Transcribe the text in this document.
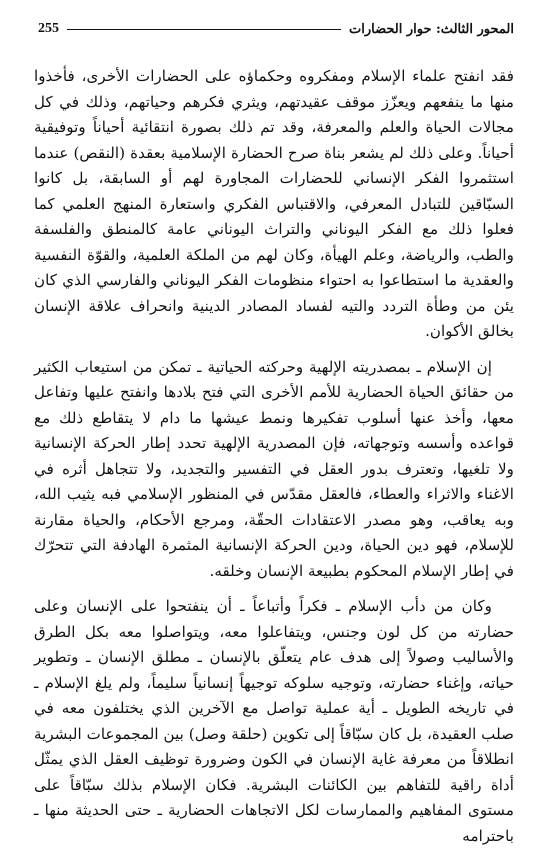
المحور الثالث: حوار الحضارات
255

فقد انفتح علماء الإسلام ومفكروه وحكماؤه على الحضارات الأخرى، فأخذوا منها ما ينفعهم ويعزّز موقف عقيدتهم، ويثري فكرهم وحياتهم، وذلك في كل مجالات الحياة والعلم والمعرفة، وقد تم ذلك بصورة انتقائية أحياناً وتوفيقية أحياناً. وعلى ذلك لم يشعر بناة صرح الحضارة الإسلامية بعقدة (النقص) عندما استثمروا الفكر الإنساني للحضارات المجاورة لهم أو السابقة، بل كانوا السبّاقين للتبادل المعرفي، والاقتباس الفكري واستعارة المنهج العلمي كما فعلوا ذلك مع الفكر اليوناني والتراث اليوناني عامة كالمنطق والفلسفة والطب، والرياضة، وعلم الهيأة، وكان لهم من الملكة العلمية، والقوّة النفسية والعقدية ما استطاعوا به احتواء منظومات الفكر اليوناني والفارسي الذي كان يئن من وطأة التردد والتيه لفساد المصادر الدينية وانحراف علاقة الإنسان بخالق الأكوان.

إن الإسلام ـ بمصدريته الإلهية وحركته الحياتية ـ تمكن من استيعاب الكثير من حقائق الحياة الحضارية للأمم الأخرى التي فتح بلادها وانفتح عليها وتفاعل معها، وأخذ عنها أسلوب تفكيرها ونمط عيشها ما دام لا يتقاطع ذلك مع قواعده وأسسه وتوجهاته، فإن المصدرية الإلهية تحدد إطار الحركة الإنسانية ولا تلغيها، وتعترف بدور العقل في التفسير والتجديد، ولا تتجاهل أثره في الاغناء والاثراء والعطاء، فالعقل مقدّس في المنظور الإسلامي فبه يثيب الله، وبه يعاقب، وهو مصدر الاعتقادات الحقّة، ومرجع الأحكام، والحياة مقارنة للإسلام، فهو دين الحياة، ودين الحركة الإنسانية المثمرة الهادفة التي تتحرّك في إطار الإسلام المحكوم بطبيعة الإنسان وخلقه.

وكان من دأب الإسلام ـ فكراً وأتباعاً ـ أن ينفتحوا على الإنسان وعلى حضارته من كل لون وجنس، ويتفاعلوا معه، ويتواصلوا معه بكل الطرق والأساليب وصولاً إلى هدف عام يتعلّق بالإنسان ـ مطلق الإنسان ـ وتطوير حياته، وإغناء حضارته، وتوجيه سلوكه توجيهاً إنسانياً سليماً، ولم يلغ الإسلام ـ في تاريخه الطويل ـ أية عملية تواصل مع الآخرين الذي يختلفون معه في صلب العقيدة، بل كان سبّاقاً إلى تكوين (حلقة وصل) بين المجموعات البشرية انطلاقاً من معرفة غاية الإنسان في الكون وضرورة توظيف العقل الذي يمثّل أداة راقية للتفاهم بين الكائنات البشرية. فكان الإسلام بذلك سبّاقاً على مستوى المفاهيم والممارسات لكل الاتجاهات الحضارية ـ حتى الحديثة منها ـ باحترامه
